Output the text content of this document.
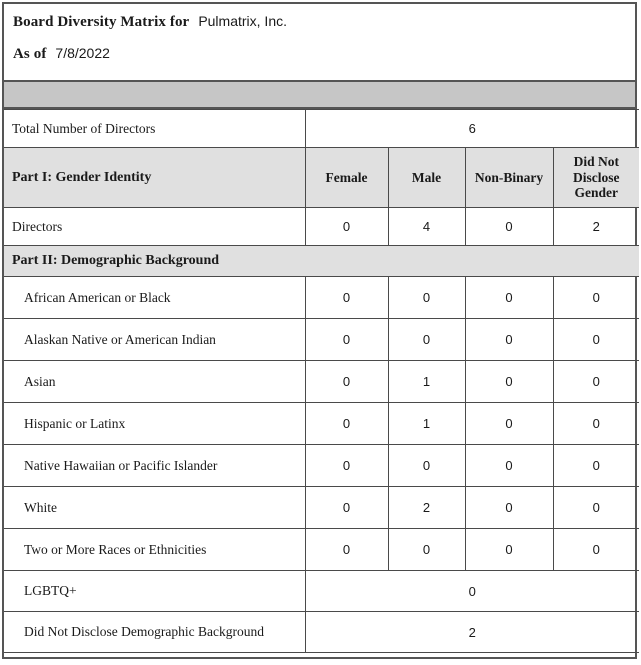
Board Diversity Matrix for Pulmatrix, Inc.
As of 7/8/2022
Total Number of Directors	6			
Part I: Gender Identity	Female	Male	Non-Binary	Did Not Disclose Gender
Directors	0	4	0	2
Part II: Demographic Background				
African American or Black	0	0	0	0
Alaskan Native or American Indian	0	0	0	0
Asian	0	1	0	0
Hispanic or Latinx	0	1	0	0
Native Hawaiian or Pacific Islander	0	0	0	0
White	0	2	0	0
Two or More Races or Ethnicities	0	0	0	0
LGBTQ+	0			
Did Not Disclose Demographic Background	2			
